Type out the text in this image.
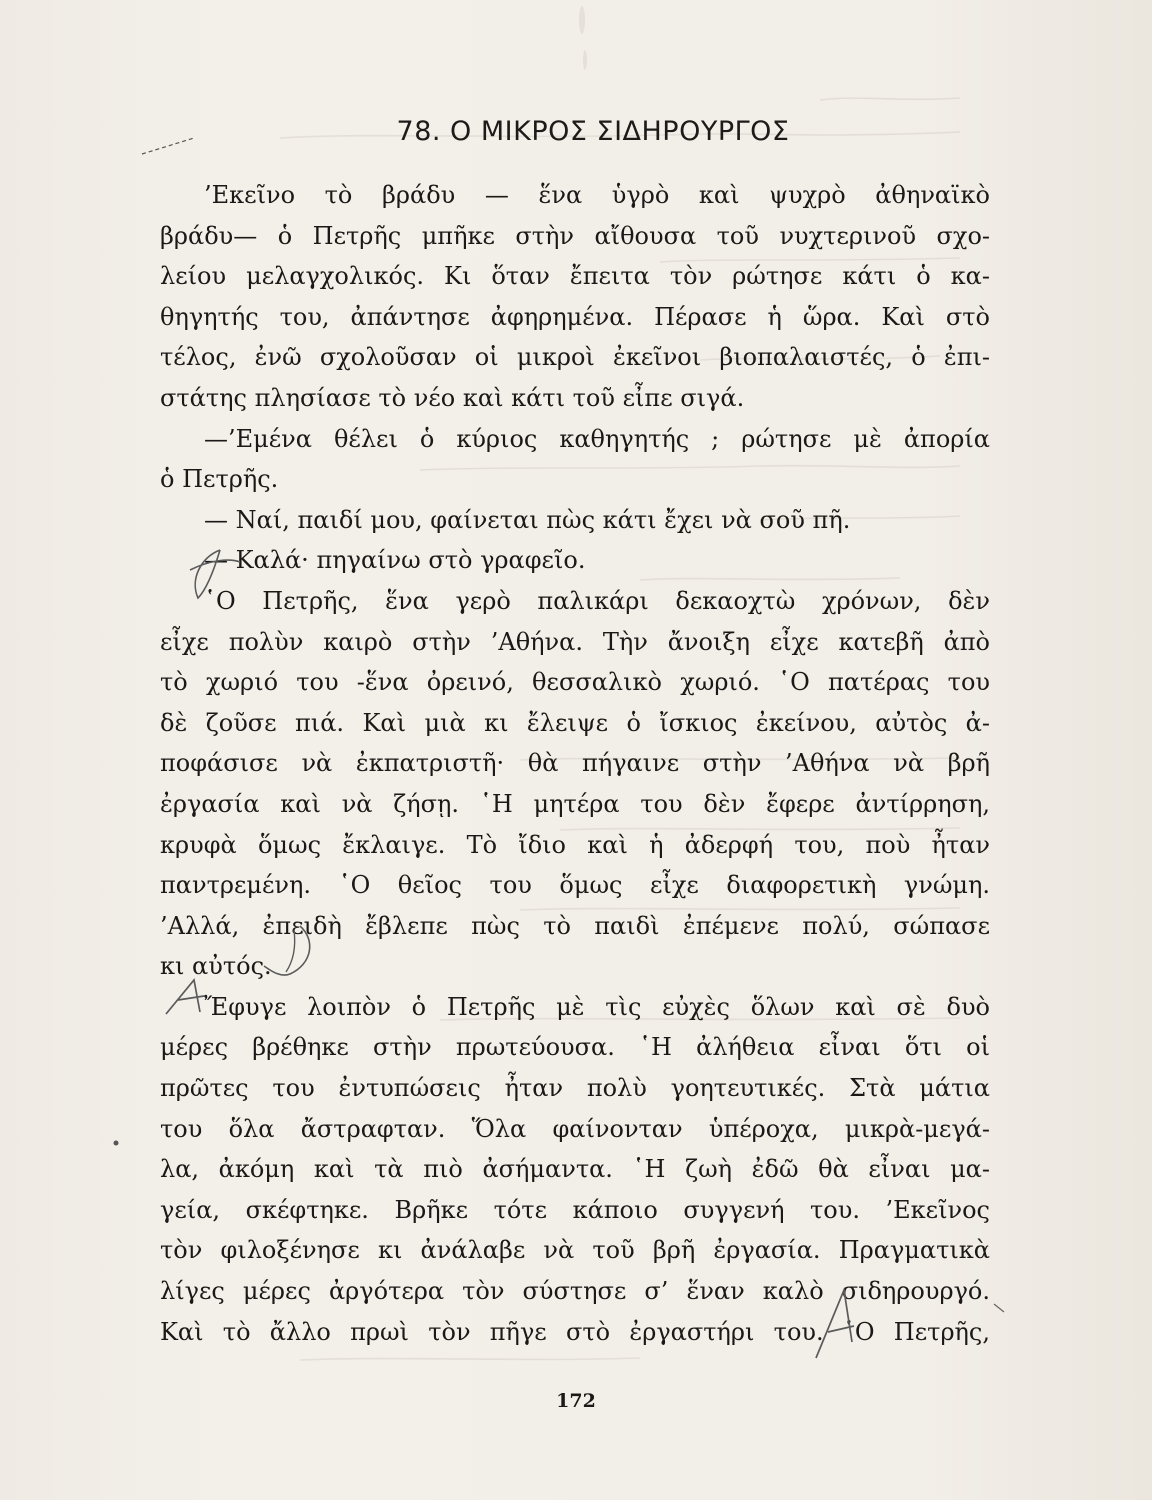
78. Ο ΜΙΚΡΟΣ ΣΙΔΗΡΟΥΡΓΟΣ
’Εκεῖνο τὸ βράδυ — ἕνα ὑγρὸ καὶ ψυχρὸ ἀθηναϊκὸ
βράδυ— ὁ Πετρῆς μπῆκε στὴν αἴθουσα τοῦ νυχτερινοῦ σχο-
λείου μελαγχολικός. Κι ὅταν ἔπειτα τὸν ρώτησε κάτι ὁ κα-
θηγητής του, ἀπάντησε ἀφηρημένα. Πέρασε ἡ ὥρα. Καὶ στὸ
τέλος, ἐνῶ σχολοῦσαν οἱ μικροὶ ἐκεῖνοι βιοπαλαιστές, ὁ ἐπι-
στάτης πλησίασε τὸ νέο καὶ κάτι τοῦ εἶπε σιγά.
—’Εμένα θέλει ὁ κύριος καθηγητής ; ρώτησε μὲ ἀπορία
ὁ Πετρῆς.
— Ναί, παιδί μου, φαίνεται πὼς κάτι ἔχει νὰ σοῦ πῆ.
— Καλά· πηγαίνω στὸ γραφεῖο.
῾Ο Πετρῆς, ἕνα γερὸ παλικάρι δεκαοχτὼ χρόνων, δὲν
εἶχε πολὺν καιρὸ στὴν ’Αθήνα. Τὴν ἄνοιξη εἶχε κατεβῆ ἀπὸ
τὸ χωριό του -ἕνα ὀρεινό, θεσσαλικὸ χωριό. ῾Ο πατέρας του
δὲ ζοῦσε πιά. Καὶ μιὰ κι ἔλειψε ὁ ἴσκιος ἐκείνου, αὐτὸς ἀ-
ποφάσισε νὰ ἐκπατριστῆ· θὰ πήγαινε στὴν ’Αθήνα νὰ βρῆ
ἐργασία καὶ νὰ ζήσῃ. ῾Η μητέρα του δὲν ἔφερε ἀντίρρηση,
κρυφὰ ὅμως ἔκλαιγε. Τὸ ἴδιο καὶ ἡ ἀδερφή του, ποὺ ἦταν
παντρεμένη. ῾Ο θεῖος του ὅμως εἶχε διαφορετικὴ γνώμη.
’Αλλά, ἐπειδὴ ἔβλεπε πὼς τὸ παιδὶ ἐπέμενε πολύ, σώπασε
κι αὐτός.
Ἔφυγε λοιπὸν ὁ Πετρῆς μὲ τὶς εὐχὲς ὅλων καὶ σὲ δυὸ
μέρες βρέθηκε στὴν πρωτεύουσα. ῾Η ἀλήθεια εἶναι ὅτι οἱ
πρῶτες του ἐντυπώσεις ἦταν πολὺ γοητευτικές. Στὰ μάτια
του ὅλα ἄστραφταν. Ὅλα φαίνονταν ὑπέροχα, μικρὰ-μεγά-
λα, ἀκόμη καὶ τὰ πιὸ ἀσήμαντα. ῾Η ζωὴ ἐδῶ θὰ εἶναι μα-
γεία, σκέφτηκε. Βρῆκε τότε κάποιο συγγενή του. ’Εκεῖνος
τὸν φιλοξένησε κι ἀνάλαβε νὰ τοῦ βρῆ ἐργασία. Πραγματικὰ
λίγες μέρες ἀργότερα τὸν σύστησε σ’ ἕναν καλὸ σιδηρουργό.
Καὶ τὸ ἄλλο πρωὶ τὸν πῆγε στὸ ἐργαστήρι του. ῾Ο Πετρῆς,
172
